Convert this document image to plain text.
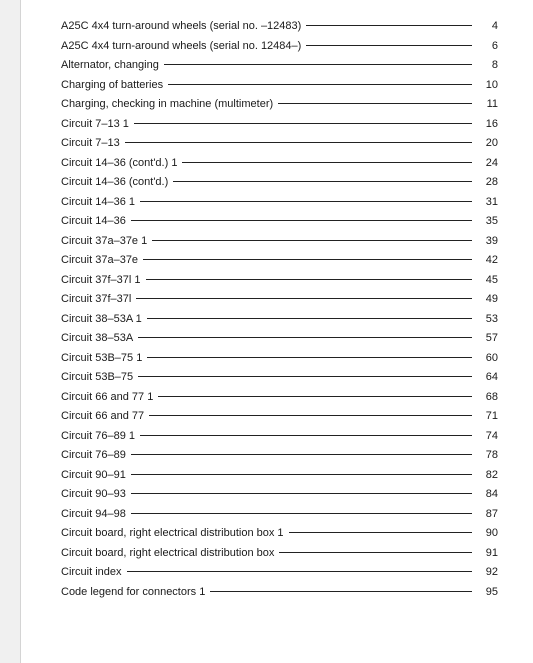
A25C 4x4 turn-around wheels (serial no. –12483)	4
A25C 4x4 turn-around wheels (serial no. 12484–)	6
Alternator, changing	8
Charging of batteries	10
Charging, checking in machine (multimeter)	11
Circuit 7–13 1	16
Circuit 7–13	20
Circuit 14–36 (cont'd.) 1	24
Circuit 14–36 (cont'd.)	28
Circuit 14–36 1	31
Circuit 14–36	35
Circuit 37a–37e 1	39
Circuit 37a–37e	42
Circuit 37f–37l 1	45
Circuit 37f–37l	49
Circuit 38–53A 1	53
Circuit 38–53A	57
Circuit 53B–75 1	60
Circuit 53B–75	64
Circuit 66 and 77 1	68
Circuit 66 and 77	71
Circuit 76–89 1	74
Circuit 76–89	78
Circuit 90–91	82
Circuit 90–93	84
Circuit 94–98	87
Circuit board, right electrical distribution box 1	90
Circuit board, right electrical distribution box	91
Circuit index	92
Code legend for connectors 1	95
